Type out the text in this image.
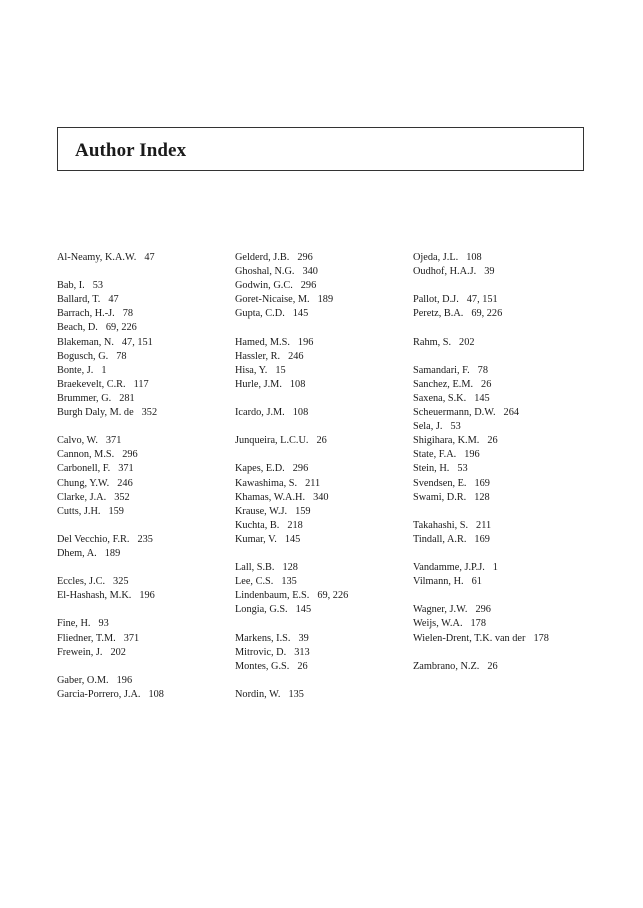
Author Index
Al-Neamy, K.A.W. 47
Bab, I. 53
Ballard, T. 47
Barrach, H.-J. 78
Beach, D. 69, 226
Blakeman, N. 47, 151
Bogusch, G. 78
Bonte, J. 1
Braekevelt, C.R. 117
Brummer, G. 281
Burgh Daly, M. de 352
Calvo, W. 371
Cannon, M.S. 296
Carbonell, F. 371
Chung, Y.W. 246
Clarke, J.A. 352
Cutts, J.H. 159
Del Vecchio, F.R. 235
Dhem, A. 189
Eccles, J.C. 325
El-Hashash, M.K. 196
Fine, H. 93
Fliedner, T.M. 371
Frewein, J. 202
Gaber, O.M. 196
Garcia-Porrero, J.A. 108
Gelderd, J.B. 296
Ghoshal, N.G. 340
Godwin, G.C. 296
Goret-Nicaise, M. 189
Gupta, C.D. 145
Hamed, M.S. 196
Hassler, R. 246
Hisa, Y. 15
Hurle, J.M. 108
Icardo, J.M. 108
Junqueira, L.C.U. 26
Kapes, E.D. 296
Kawashima, S. 211
Khamas, W.A.H. 340
Krause, W.J. 159
Kuchta, B. 218
Kumar, V. 145
Lall, S.B. 128
Lee, C.S. 135
Lindenbaum, E.S. 69, 226
Longia, G.S. 145
Markens, I.S. 39
Mitrovic, D. 313
Montes, G.S. 26
Nordin, W. 135
Ojeda, J.L. 108
Oudhof, H.A.J. 39
Pallot, D.J. 47, 151
Peretz, B.A. 69, 226
Rahm, S. 202
Samandari, F. 78
Sanchez, E.M. 26
Saxena, S.K. 145
Scheuermann, D.W. 264
Sela, J. 53
Shigihara, K.M. 26
State, F.A. 196
Stein, H. 53
Svendsen, E. 169
Swami, D.R. 128
Takahashi, S. 211
Tindall, A.R. 169
Vandamme, J.P.J. 1
Vilmann, H. 61
Wagner, J.W. 296
Weijs, W.A. 178
Wielen-Drent, T.K. van der 178
Zambrano, N.Z. 26
